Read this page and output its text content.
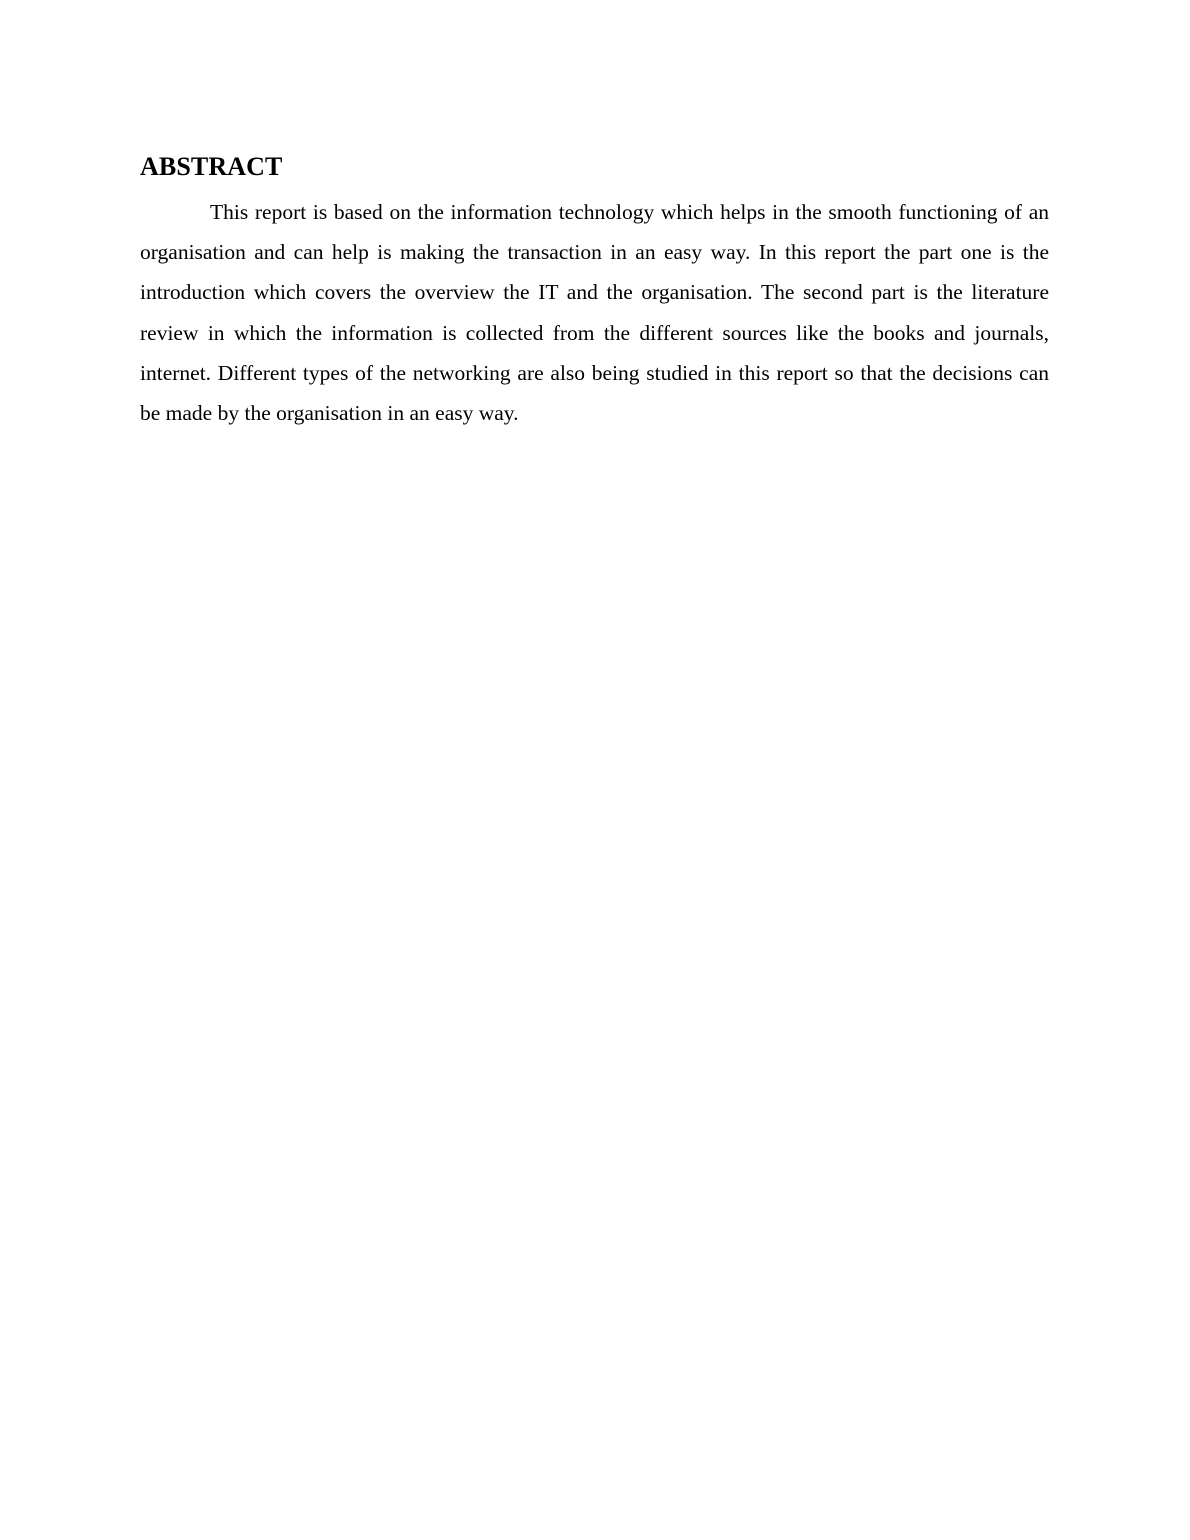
ABSTRACT

This report is based on the information technology which helps in the smooth functioning of an organisation and can help is making the transaction in an easy way. In this report the part one is the introduction which covers the overview the IT and the organisation. The second part is the literature review in which the information is collected from the different sources like the books and journals, internet. Different types of the networking are also being studied in this report so that the decisions can be made by the organisation in an easy way.
